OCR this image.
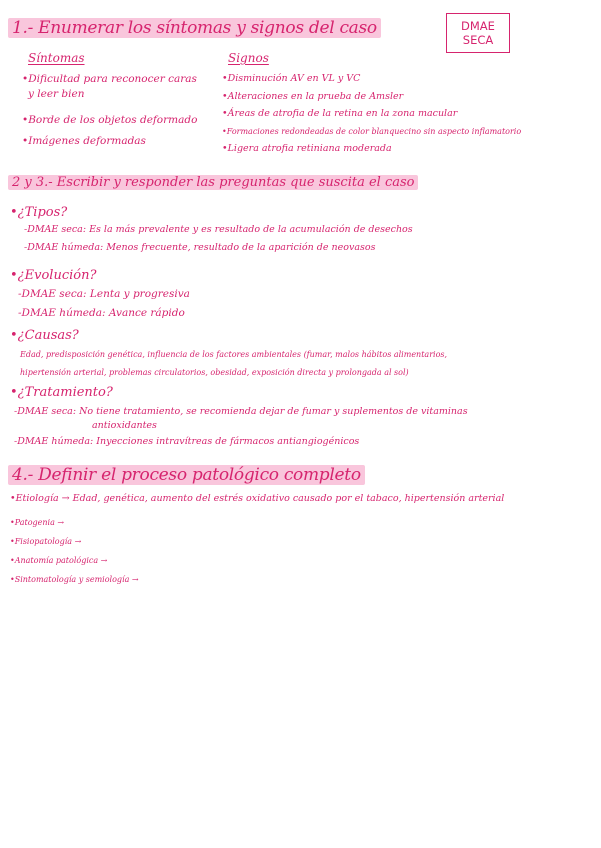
1.- Enumerar los síntomas y signos del caso	DMAE
SECA
Síntomas
•Dificultad para reconocer caras
y leer bien
•Borde de los objetos deformado
•Imágenes deformadas
Signos
•Disminución AV en VL y VC
•Alteraciones en la prueba de Amsler
•Áreas de atrofia de la retina en la zona macular
•Formaciones redondeadas de color blanquecino sin aspecto inflamatorio
•Ligera atrofia retiniana moderada
2 y 3.- Escribir y responder las preguntas que suscita el caso
•¿Tipos?
-DMAE seca: Es la más prevalente y es resultado de la acumulación de desechos
-DMAE húmeda: Menos frecuente, resultado de la aparición de neovasos
•¿Evolución?
-DMAE seca: Lenta y progresiva
-DMAE húmeda: Avance rápido
•¿Causas?
Edad, predisposición genética, influencia de los factores ambientales (fumar, malos hábitos alimentarios,
hipertensión arterial, problemas circulatorios, obesidad, exposición directa y prolongada al sol)
•¿Tratamiento?
-DMAE seca: No tiene tratamiento, se recomienda dejar de fumar y suplementos de vitaminas
antioxidantes
-DMAE húmeda: Inyecciones intravítreas de fármacos antiangiogénicos
4.- Definir el proceso patológico completo
•Etiología → Edad, genética, aumento del estrés oxidativo causado por el tabaco, hipertensión arterial
•Patogenia →
•Fisiopatología →
•Anatomía patológica →
•Sintomatología y semiología →
